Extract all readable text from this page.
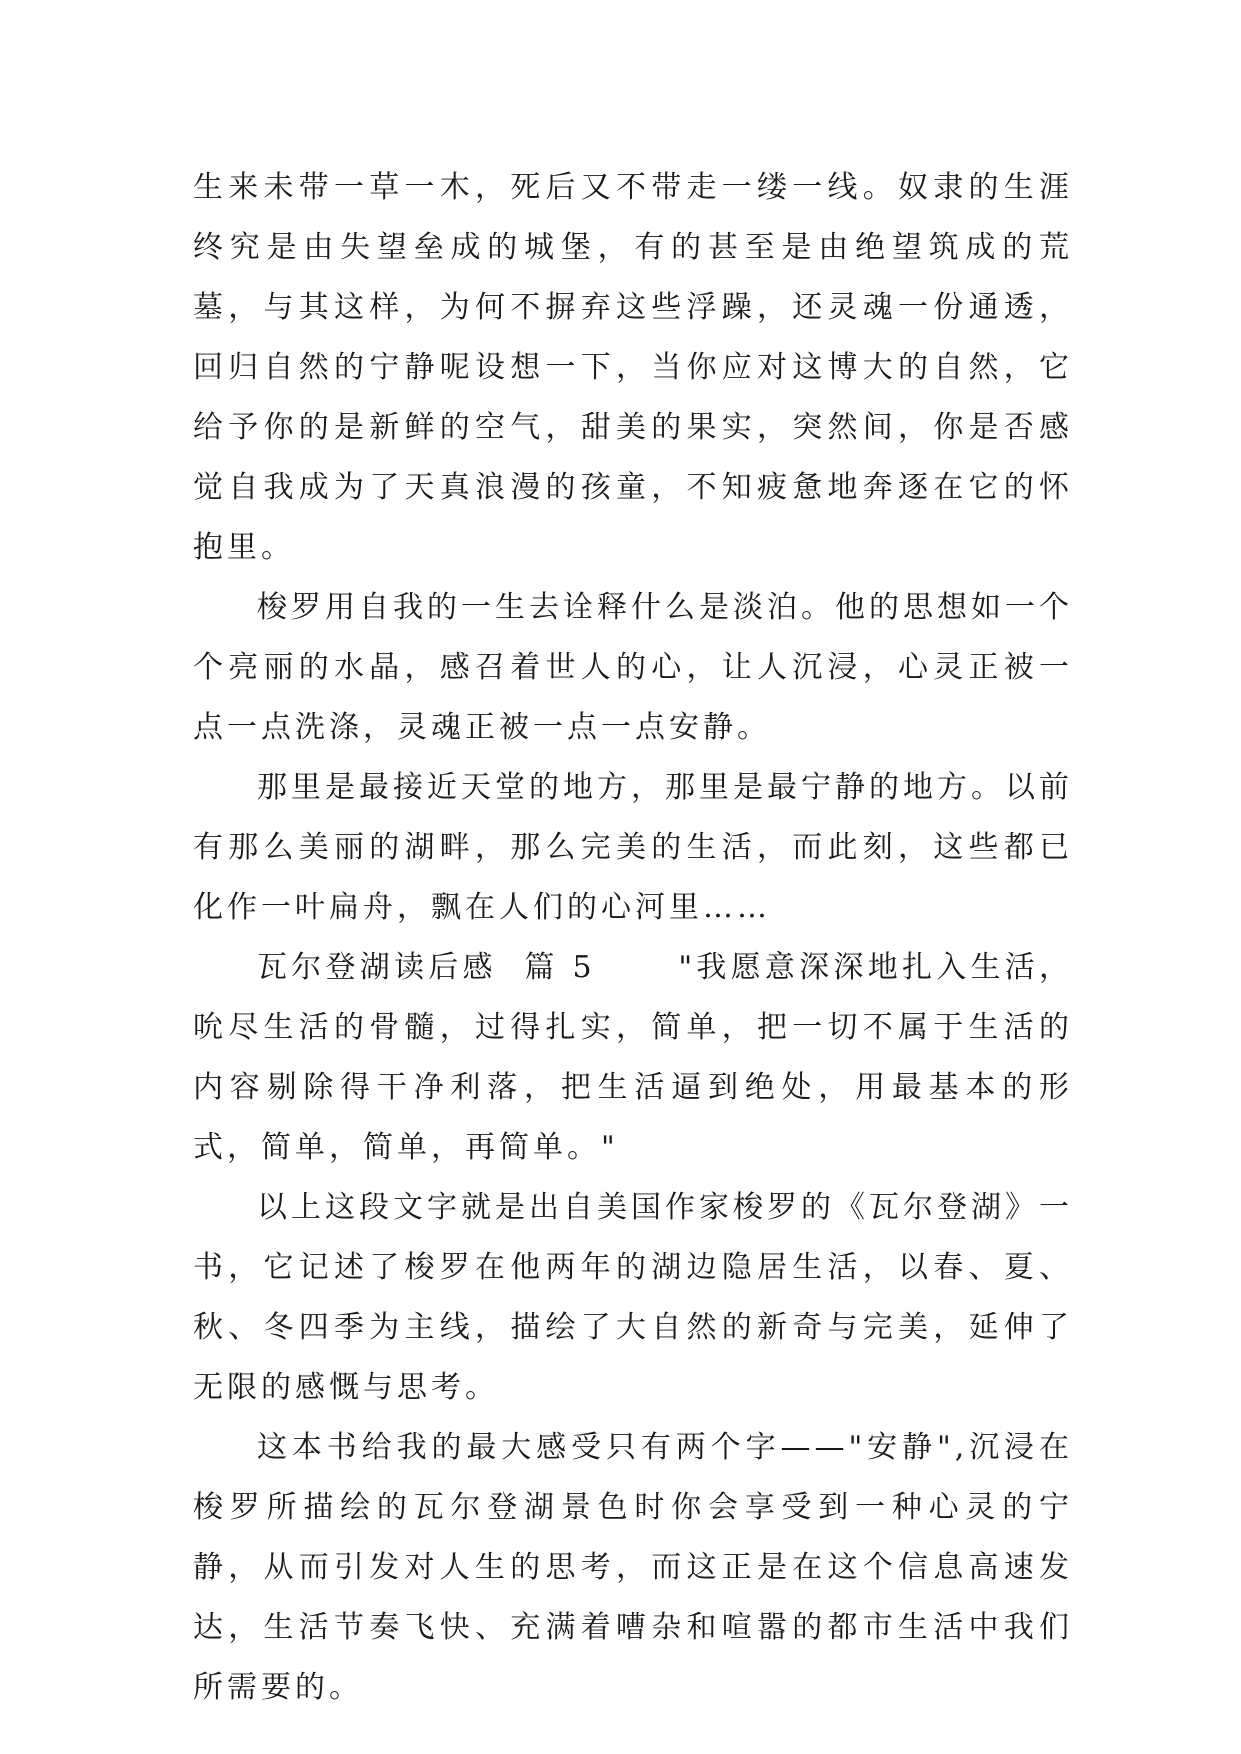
生来未带一草一木，死后又不带走一缕一线。奴隶的生涯终究是由失望垒成的城堡，有的甚至是由绝望筑成的荒墓，与其这样，为何不摒弃这些浮躁，还灵魂一份通透，回归自然的宁静呢设想一下，当你应对这博大的自然，它给予你的是新鲜的空气，甜美的果实，突然间，你是否感觉自我成为了天真浪漫的孩童，不知疲惫地奔逐在它的怀抱里。

梭罗用自我的一生去诠释什么是淡泊。他的思想如一个个亮丽的水晶，感召着世人的心，让人沉浸，心灵正被一点一点洗涤，灵魂正被一点一点安静。

那里是最接近天堂的地方，那里是最宁静的地方。以前有那么美丽的湖畔，那么完美的生活，而此刻，这些都已化作一叶扁舟，飘在人们的心河里……

瓦尔登湖读后感  篇 5      "我愿意深深地扎入生活，吮尽生活的骨髓，过得扎实，简单，把一切不属于生活的内容剔除得干净利落，把生活逼到绝处，用最基本的形式，简单，简单，再简单。"

以上这段文字就是出自美国作家梭罗的《瓦尔登湖》一书，它记述了梭罗在他两年的湖边隐居生活，以春、夏、秋、冬四季为主线，描绘了大自然的新奇与完美，延伸了无限的感慨与思考。

这本书给我的最大感受只有两个字——"安静",沉浸在梭罗所描绘的瓦尔登湖景色时你会享受到一种心灵的宁静，从而引发对人生的思考，而这正是在这个信息高速发达，生活节奏飞快、充满着嘈杂和喧嚣的都市生活中我们所需要的。
